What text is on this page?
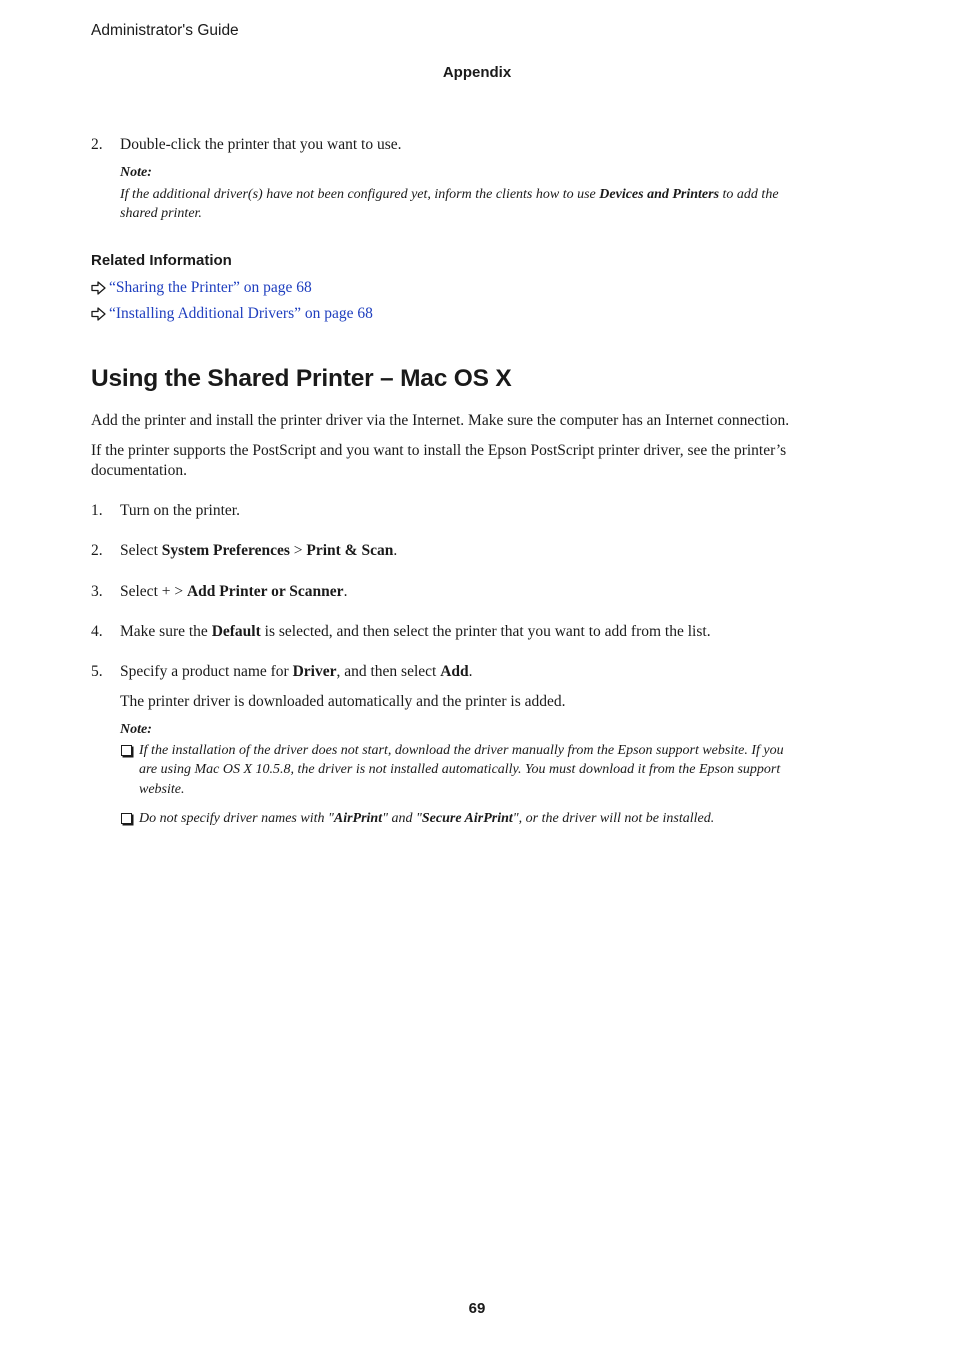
Administrator's Guide
Appendix
2. Double-click the printer that you want to use.
Note:
If the additional driver(s) have not been configured yet, inform the clients how to use Devices and Printers to add the
shared printer.
Related Information
“Sharing the Printer” on page 68
“Installing Additional Drivers” on page 68
Using the Shared Printer – Mac OS X
Add the printer and install the printer driver via the Internet. Make sure the computer has an Internet connection.
If the printer supports the PostScript and you want to install the Epson PostScript printer driver, see the printer’s
documentation.
1. Turn on the printer.
2. Select System Preferences > Print & Scan.
3. Select + > Add Printer or Scanner.
4. Make sure the Default is selected, and then select the printer that you want to add from the list.
5. Specify a product name for Driver, and then select Add.
The printer driver is downloaded automatically and the printer is added.
Note:
If the installation of the driver does not start, download the driver manually from the Epson support website. If you
are using Mac OS X 10.5.8, the driver is not installed automatically. You must download it from the Epson support
website.
Do not specify driver names with "AirPrint" and "Secure AirPrint", or the driver will not be installed.
69
